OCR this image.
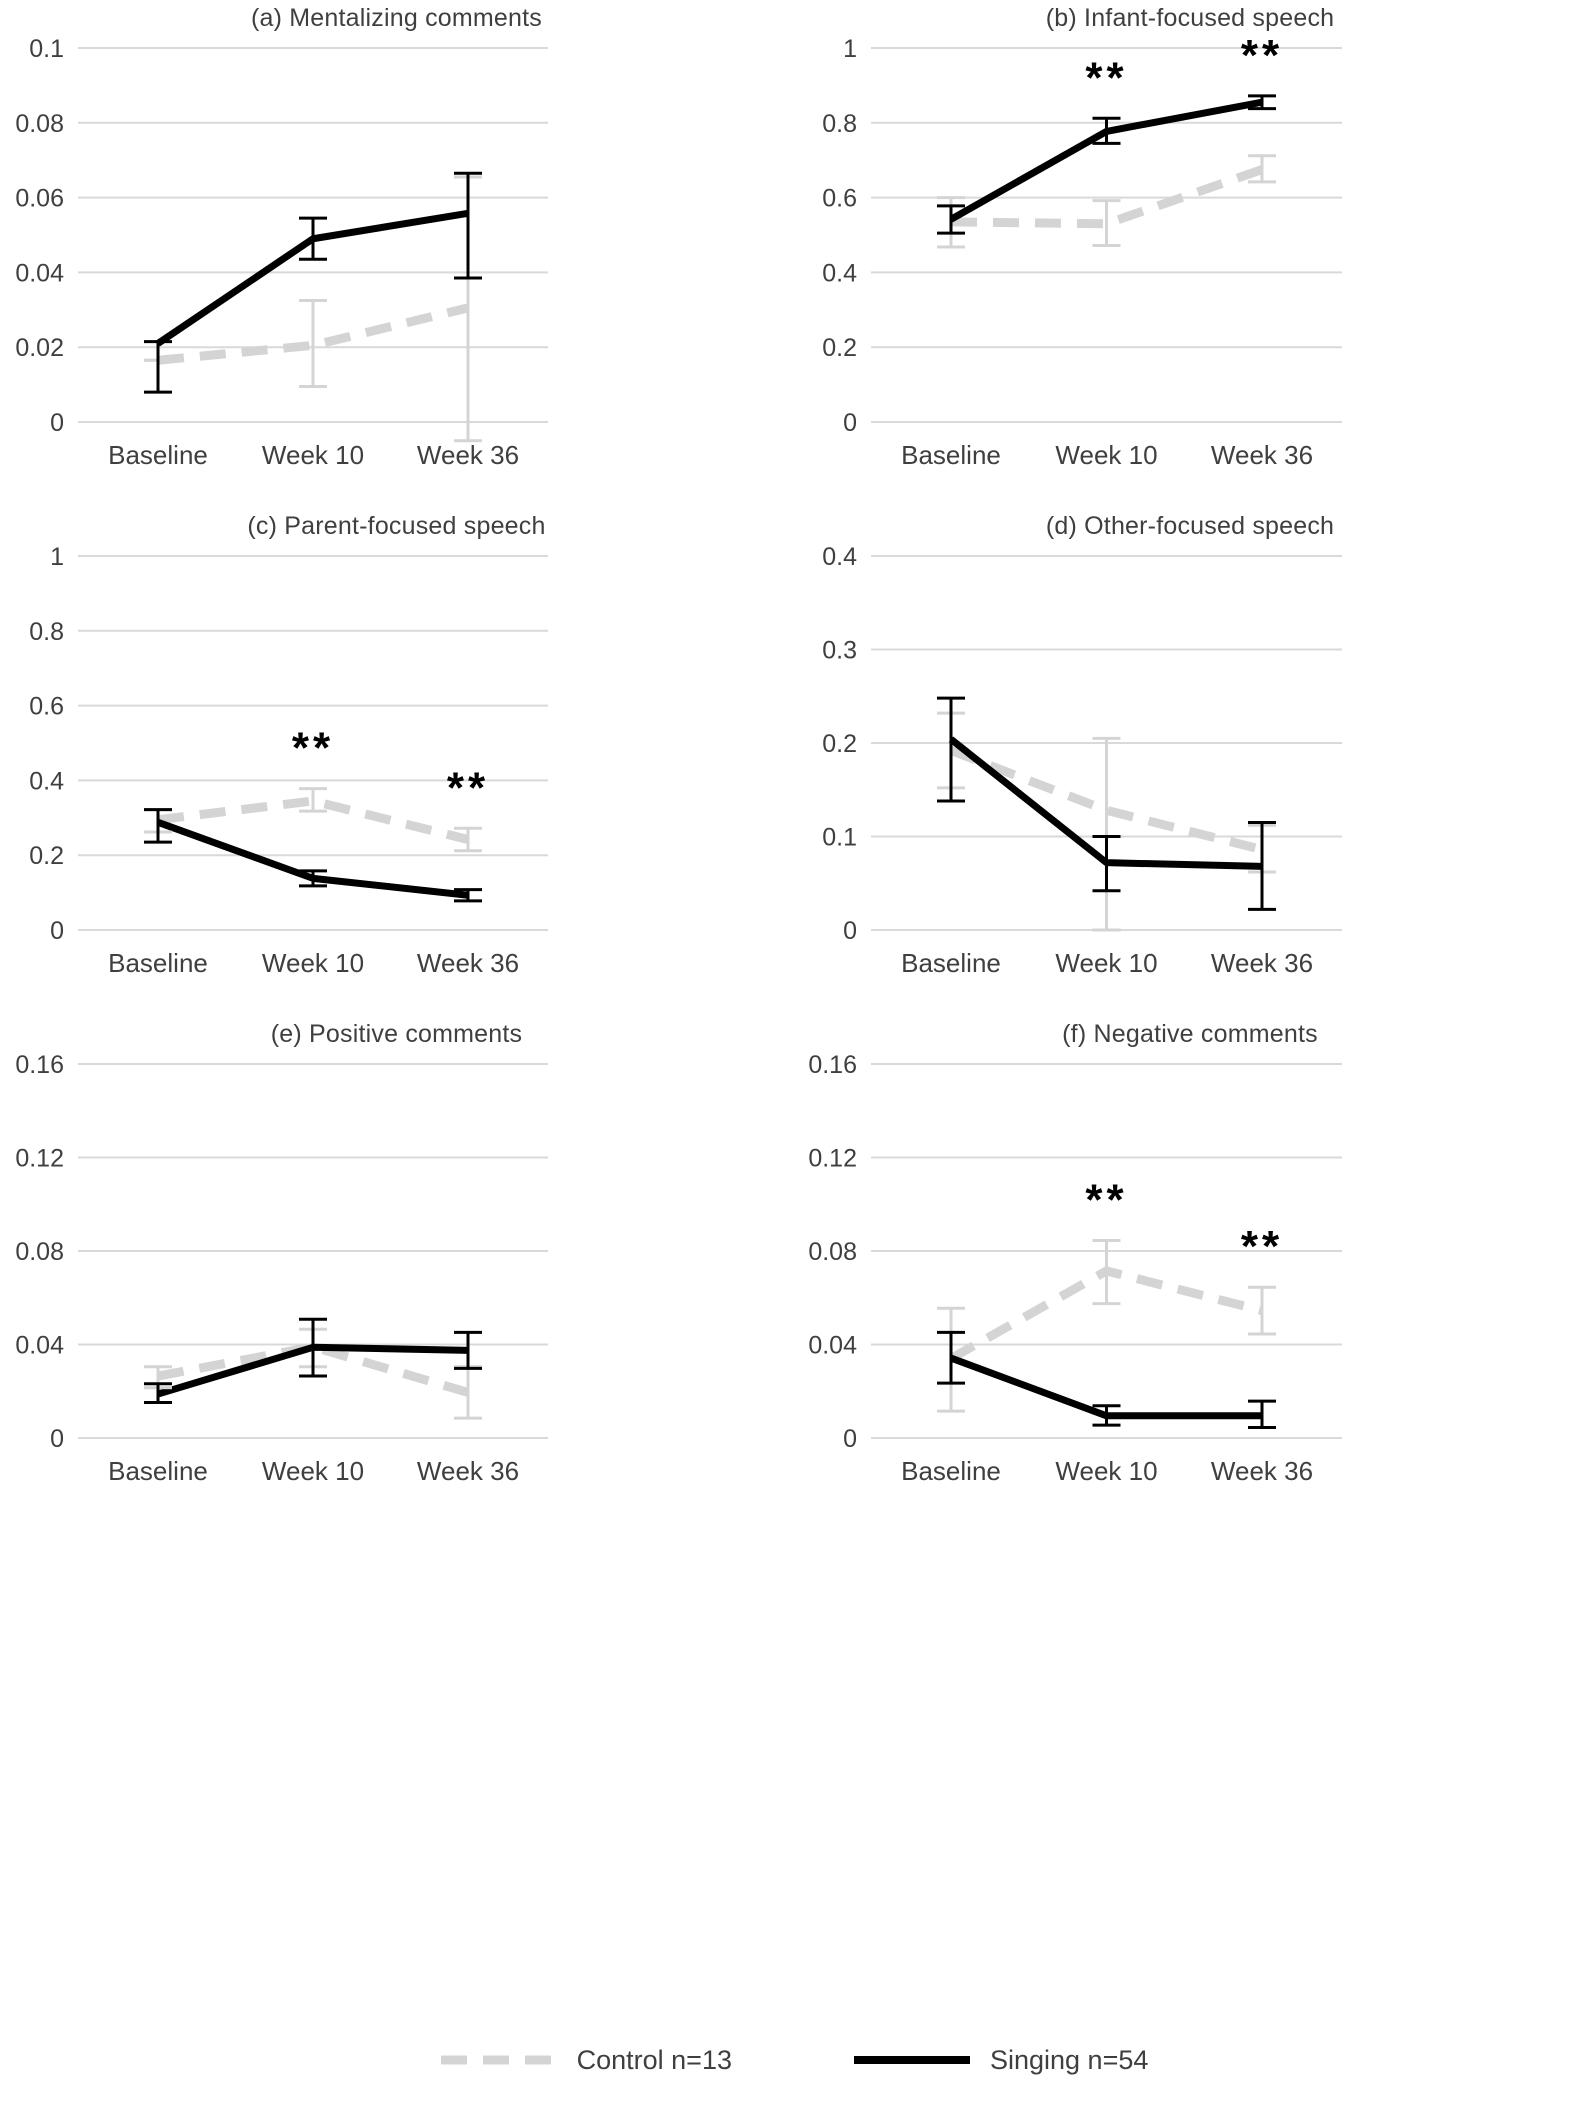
(a) Mentalizing comments
0
0.02
0.04
0.06
0.08
0.1
Baseline Week 10 Week 36
(b) Infant-focused speech
0
0.2
0.4
0.6
0.8
1
Baseline Week 10 Week 36
**	**
(c) Parent-focused speech
0
0.2
0.4
0.6
0.8
1
Baseline Week 10 Week 36
**
**
(d) Other-focused speech
0
0.1
0.2
0.3
0.4
Baseline Week 10 Week 36
(e) Positive comments
0
0.04
0.08
0.12
0.16
Baseline Week 10 Week 36
(f) Negative comments
0
0.04
0.08
0.12
0.16
Baseline Week 10 Week 36
**
**
Control n=13	Singing n=54
